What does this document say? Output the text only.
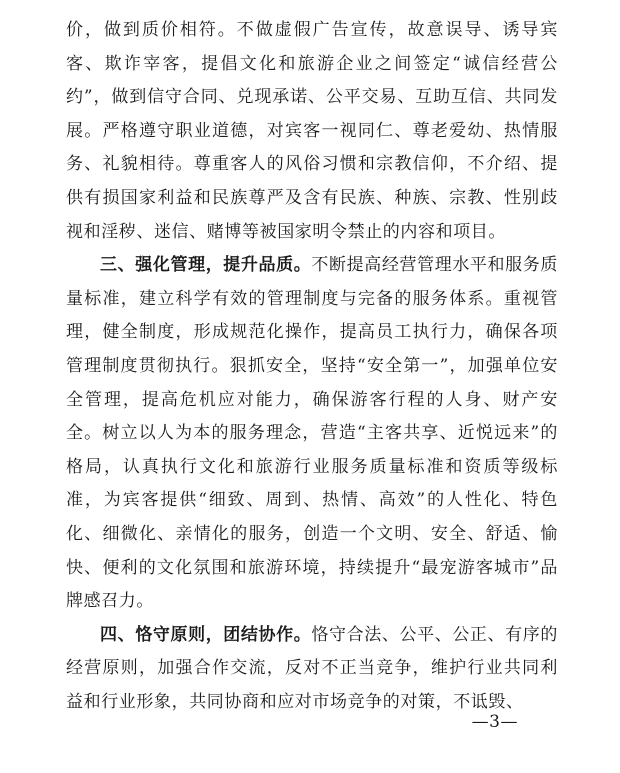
价，做到质价相符。不做虚假广告宣传，故意误导、诱导宾客、欺诈宰客，提倡文化和旅游企业之间签定“诚信经营公约”，做到信守合同、兑现承诺、公平交易、互助互信、共同发展。严格遵守职业道德，对宾客一视同仁、尊老爱幼、热情服务、礼貌相待。尊重客人的风俗习惯和宗教信仰，不介绍、提供有损国家利益和民族尊严及含有民族、种族、宗教、性别歧视和淫秽、迷信、赌博等被国家明令禁止的内容和项目。

三、强化管理，提升品质。不断提高经营管理水平和服务质量标准，建立科学有效的管理制度与完备的服务体系。重视管理，健全制度，形成规范化操作，提高员工执行力，确保各项管理制度贯彻执行。狠抓安全，坚持“安全第一”，加强单位安全管理，提高危机应对能力，确保游客行程的人身、财产安全。树立以人为本的服务理念，营造“主客共享、近悦远来”的格局，认真执行文化和旅游行业服务质量标准和资质等级标准，为宾客提供“细致、周到、热情、高效”的人性化、特色化、细微化、亲情化的服务，创造一个文明、安全、舒适、愉快、便利的文化氛围和旅游环境，持续提升“最宠游客城市”品牌感召力。

四、恪守原则，团结协作。恪守合法、公平、公正、有序的经营原则，加强合作交流，反对不正当竞争，维护行业共同利益和行业形象，共同协商和应对市场竞争的对策，不诋毁、

—3—
